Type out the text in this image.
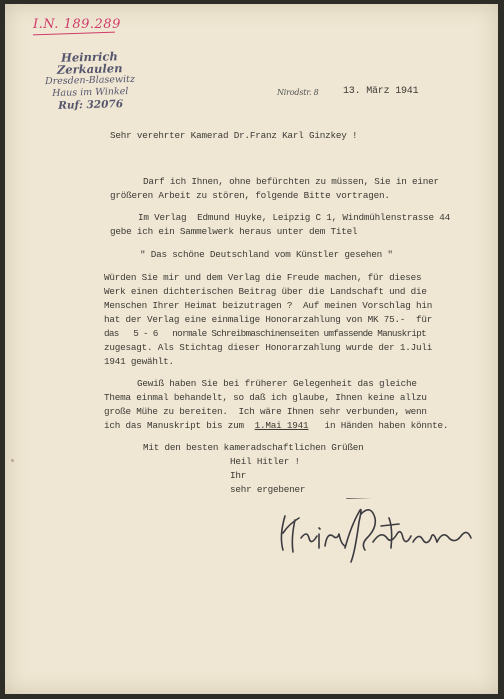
I.N. 189.289
Heinrich Zerkaulen
Dresden-Blasewitz
Haus im Winkel
Ruf: 32076
Nirodstr. 8 13. März 1941
Sehr verehrter Kamerad Dr.Franz Karl Ginzkey !
Darf ich Ihnen, ohne befürchten zu müssen, Sie in einer
größeren Arbeit zu stören, folgende Bitte vortragen.
Im Verlag  Edmund Huyke, Leipzig C 1, Windmühlenstrasse 44
gebe ich ein Sammelwerk heraus unter dem Titel
" Das schöne Deutschland vom Künstler gesehen "
Würden Sie mir und dem Verlag die Freude machen, für dieses
Werk einen dichterischen Beitrag über die Landschaft und die
Menschen Ihrer Heimat beizutragen ?  Auf meinen Vorschlag hin
hat der Verlag eine einmalige Honorarzahlung von MK 75.-  für
das   5 - 6   normale Schreibmaschinenseiten umfassende Manuskript
zugesagt. Als Stichtag dieser Honorarzahlung wurde der 1.Juli
1941 gewählt.
Gewiß haben Sie bei früherer Gelegenheit das gleiche
Thema einmal behandelt, so daß ich glaube, Ihnen keine allzu
große Mühe zu bereiten.  Ich wäre Ihnen sehr verbunden, wenn
ich das Manuskript bis zum  1.Mai 1941   in Händen haben könnte.
Mit den besten kameradschaftlichen Grüßen
Heil Hitler !
Ihr
sehr ergebener
